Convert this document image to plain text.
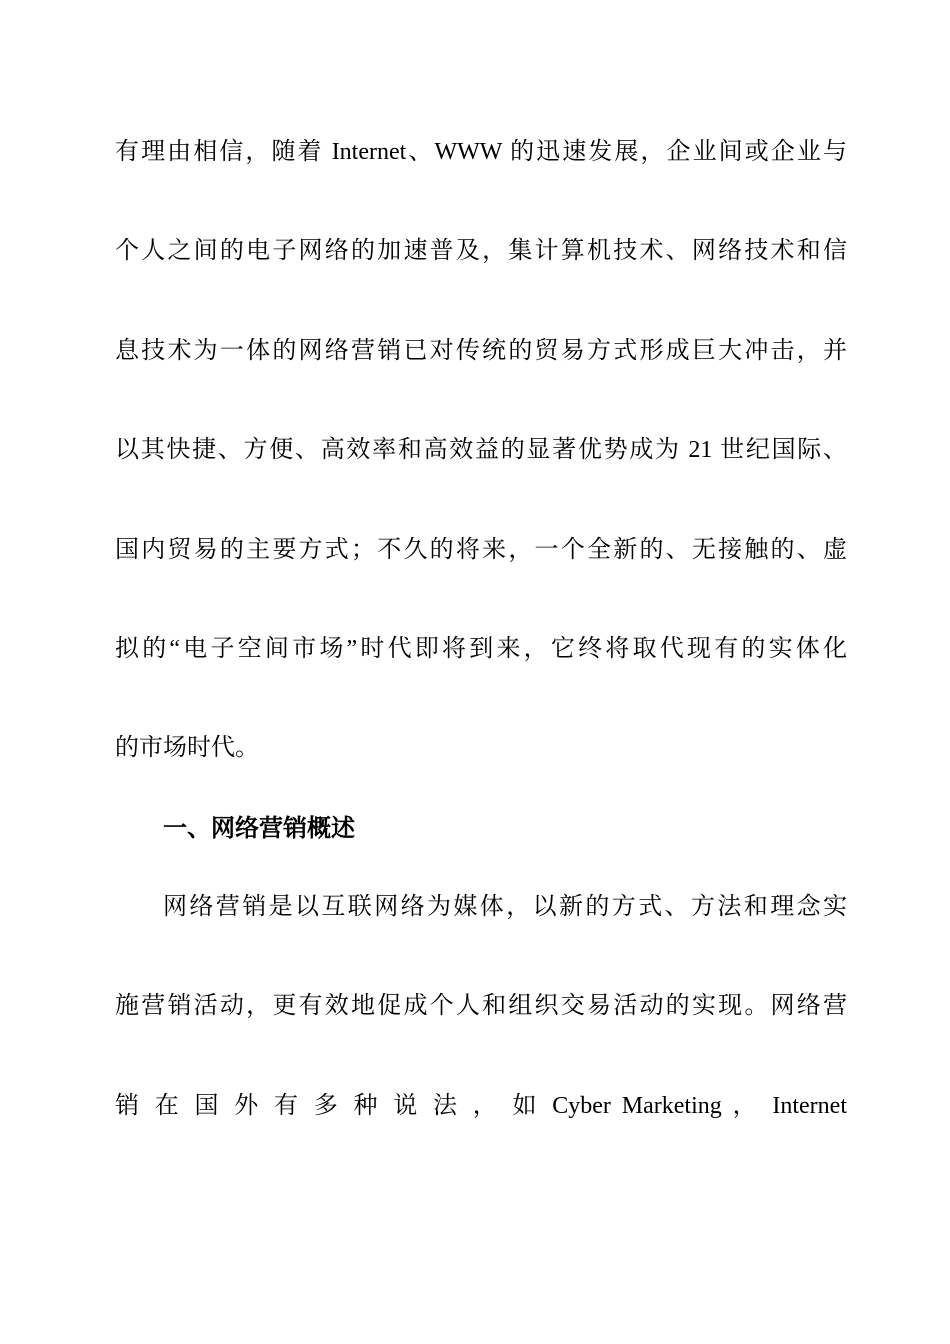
有理由相信，随着 Internet、WWW 的迅速发展，企业间或企业与

个人之间的电子网络的加速普及，集计算机技术、网络技术和信

息技术为一体的网络营销已对传统的贸易方式形成巨大冲击，并

以其快捷、方便、高效率和高效益的显著优势成为 21 世纪国际、

国内贸易的主要方式；不久的将来，一个全新的、无接触的、虚

拟的“电子空间市场”时代即将到来，它终将取代现有的实体化

的市场时代。

一、网络营销概述

网络营销是以互联网络为媒体，以新的方式、方法和理念实

施营销活动，更有效地促成个人和组织交易活动的实现。网络营

销 在 国 外 有 多 种 说 法 ， 如 Cyber Marketing ， Internet
